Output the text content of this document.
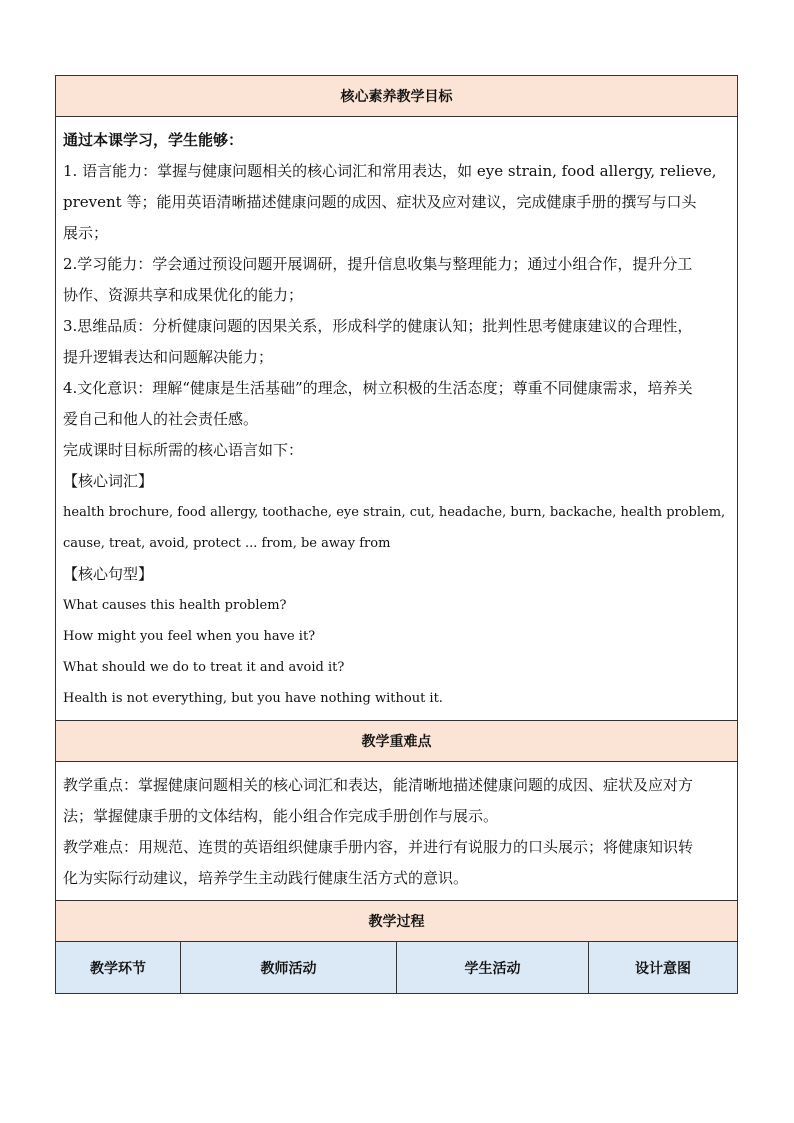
核心素养教学目标
通过本课学习，学生能够：
1. 语言能力：掌握与健康问题相关的核心词汇和常用表达，如 eye strain, food allergy, relieve,
prevent 等；能用英语清晰描述健康问题的成因、症状及应对建议，完成健康手册的撰写与口头
展示；
2.学习能力：学会通过预设问题开展调研，提升信息收集与整理能力；通过小组合作，提升分工
协作、资源共享和成果优化的能力；
3.思维品质：分析健康问题的因果关系，形成科学的健康认知；批判性思考健康建议的合理性，
提升逻辑表达和问题解决能力；
4.文化意识：理解“健康是生活基础”的理念，树立积极的生活态度；尊重不同健康需求，培养关
爱自己和他人的社会责任感。
完成课时目标所需的核心语言如下：
【核心词汇】
health brochure, food allergy, toothache, eye strain, cut, headache, burn, backache, health problem,
cause, treat, avoid, protect ... from, be away from
【核心句型】
What causes this health problem?
How might you feel when you have it?
What should we do to treat it and avoid it?
Health is not everything, but you have nothing without it.
教学重难点
教学重点：掌握健康问题相关的核心词汇和表达，能清晰地描述健康问题的成因、症状及应对方
法；掌握健康手册的文体结构，能小组合作完成手册创作与展示。
教学难点：用规范、连贯的英语组织健康手册内容，并进行有说服力的口头展示；将健康知识转
化为实际行动建议，培养学生主动践行健康生活方式的意识。
教学过程
教学环节	教师活动	学生活动	设计意图
